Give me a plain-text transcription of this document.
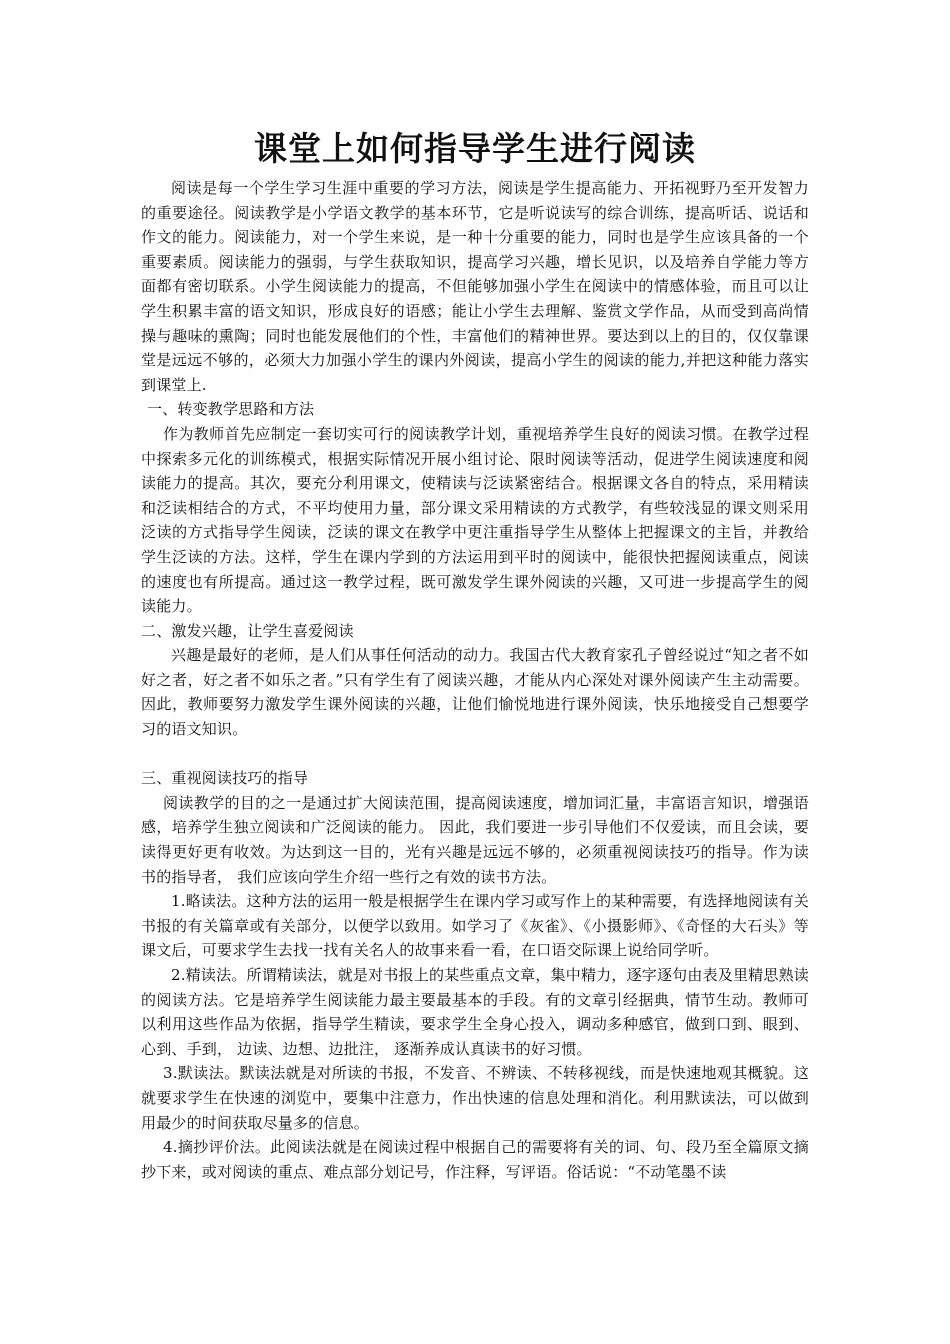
课堂上如何指导学生进行阅读

阅读是每一个学生学习生涯中重要的学习方法，阅读是学生提高能力、开拓视野乃至开发智力的重要途径。阅读教学是小学语文教学的基本环节，它是听说读写的综合训练，提高听话、说话和作文的能力。阅读能力，对一个学生来说，是一种十分重要的能力，同时也是学生应该具备的一个重要素质。阅读能力的强弱，与学生获取知识，提高学习兴趣，增长见识，以及培养自学能力等方面都有密切联系。小学生阅读能力的提高，不但能够加强小学生在阅读中的情感体验，而且可以让学生积累丰富的语文知识，形成良好的语感；能让小学生去理解、鉴赏文学作品，从而受到高尚情操与趣味的熏陶；同时也能发展他们的个性，丰富他们的精神世界。要达到以上的目的，仅仅靠课堂是远远不够的，必须大力加强小学生的课内外阅读，提高小学生的阅读的能力,并把这种能力落实到课堂上.

一、转变教学思路和方法

作为教师首先应制定一套切实可行的阅读教学计划，重视培养学生良好的阅读习惯。在教学过程中探索多元化的训练模式，根据实际情况开展小组讨论、限时阅读等活动，促进学生阅读速度和阅读能力的提高。其次，要充分利用课文，使精读与泛读紧密结合。根据课文各自的特点，采用精读和泛读相结合的方式，不平均使用力量，部分课文采用精读的方式教学，有些较浅显的课文则采用泛读的方式指导学生阅读，泛读的课文在教学中更注重指导学生从整体上把握课文的主旨，并教给学生泛读的方法。这样，学生在课内学到的方法运用到平时的阅读中，能很快把握阅读重点，阅读的速度也有所提高。通过这一教学过程，既可激发学生课外阅读的兴趣，又可进一步提高学生的阅读能力。

二、激发兴趣，让学生喜爱阅读

兴趣是最好的老师，是人们从事任何活动的动力。我国古代大教育家孔子曾经说过“知之者不如好之者，好之者不如乐之者。”只有学生有了阅读兴趣，才能从内心深处对课外阅读产生主动需要。因此，教师要努力激发学生课外阅读的兴趣，让他们愉悦地进行课外阅读，快乐地接受自己想要学习的语文知识。

三、重视阅读技巧的指导

阅读教学的目的之一是通过扩大阅读范围，提高阅读速度，增加词汇量，丰富语言知识，增强语感，培养学生独立阅读和广泛阅读的能力。 因此，我们要进一步引导他们不仅爱读，而且会读，要读得更好更有收效。为达到这一目的，光有兴趣是远远不够的，必须重视阅读技巧的指导。作为读书的指导者， 我们应该向学生介绍一些行之有效的读书方法。

1.略读法。这种方法的运用一般是根据学生在课内学习或写作上的某种需要，有选择地阅读有关书报的有关篇章或有关部分，以便学以致用。如学习了《灰雀》、《小摄影师》、《奇怪的大石头》等课文后，可要求学生去找一找有关名人的故事来看一看，在口语交际课上说给同学听。

2.精读法。所谓精读法，就是对书报上的某些重点文章，集中精力，逐字逐句由表及里精思熟读的阅读方法。它是培养学生阅读能力最主要最基本的手段。有的文章引经据典，情节生动。教师可以利用这些作品为依据，指导学生精读，要求学生全身心投入，调动多种感官，做到口到、眼到、心到、手到， 边读、边想、边批注， 逐渐养成认真读书的好习惯。

3.默读法。默读法就是对所读的书报，不发音、不辨读、不转移视线，而是快速地观其概貌。这就要求学生在快速的浏览中，要集中注意力，作出快速的信息处理和消化。利用默读法，可以做到用最少的时间获取尽量多的信息。

4.摘抄评价法。此阅读法就是在阅读过程中根据自己的需要将有关的词、句、段乃至全篇原文摘抄下来，或对阅读的重点、难点部分划记号，作注释，写评语。俗话说：“不动笔墨不读
